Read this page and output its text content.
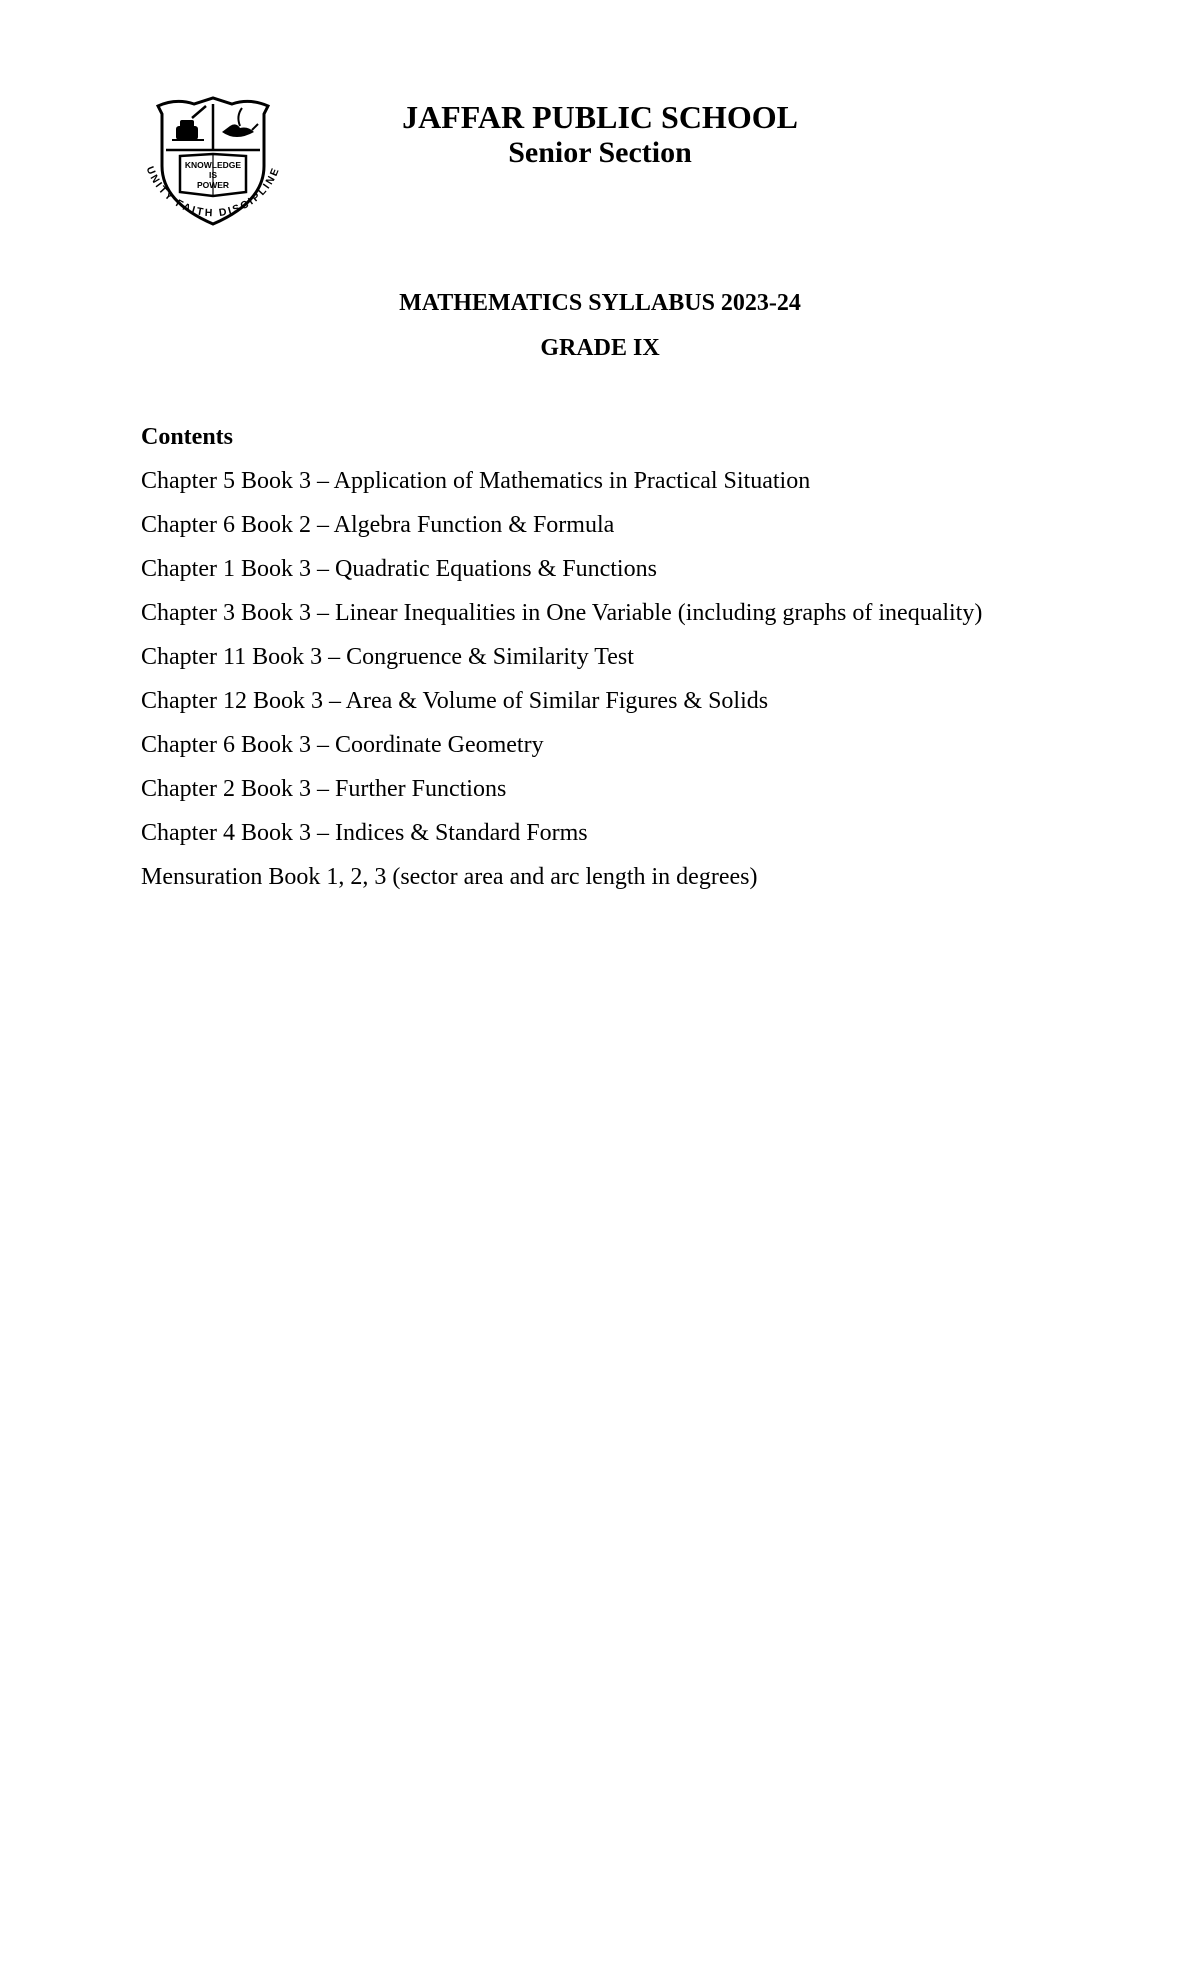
KNOWLEDGE
IS
POWER
UNITY FAITH DISCIPLINE
JAFFAR PUBLIC SCHOOL
Senior Section
MATHEMATICS SYLLABUS 2023-24
GRADE IX
Contents
Chapter 5 Book 3 – Application of Mathematics in Practical Situation
Chapter 6 Book 2 – Algebra Function & Formula
Chapter 1 Book 3 – Quadratic Equations & Functions
Chapter 3 Book 3 – Linear Inequalities in One Variable (including graphs of inequality)
Chapter 11 Book 3 – Congruence & Similarity Test
Chapter 12 Book 3 – Area & Volume of Similar Figures & Solids
Chapter 6 Book 3 – Coordinate Geometry
Chapter 2 Book 3 – Further Functions
Chapter 4 Book 3 – Indices & Standard Forms
Mensuration Book 1, 2, 3 (sector area and arc length in degrees)
